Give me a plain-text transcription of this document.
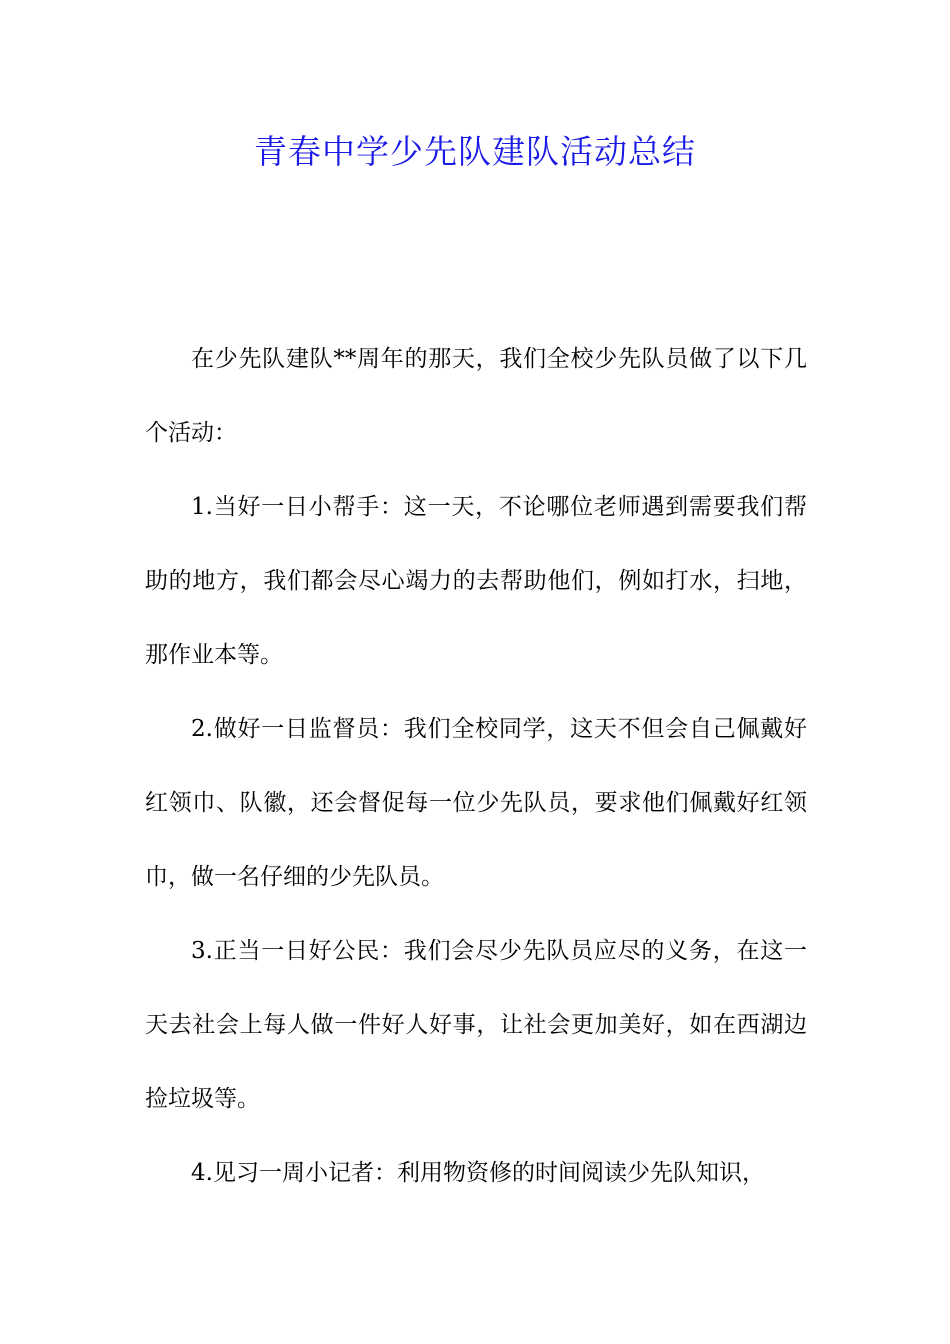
青春中学少先队建队活动总结

在少先队建队**周年的那天，我们全校少先队员做了以下几个活动：

1.当好一日小帮手：这一天，不论哪位老师遇到需要我们帮助的地方，我们都会尽心竭力的去帮助他们，例如打水，扫地，那作业本等。

2.做好一日监督员：我们全校同学，这天不但会自己佩戴好红领巾、队徽，还会督促每一位少先队员，要求他们佩戴好红领巾，做一名仔细的少先队员。

3.正当一日好公民：我们会尽少先队员应尽的义务，在这一天去社会上每人做一件好人好事，让社会更加美好，如在西湖边捡垃圾等。

4.见习一周小记者：利用物资修的时间阅读少先队知识，
